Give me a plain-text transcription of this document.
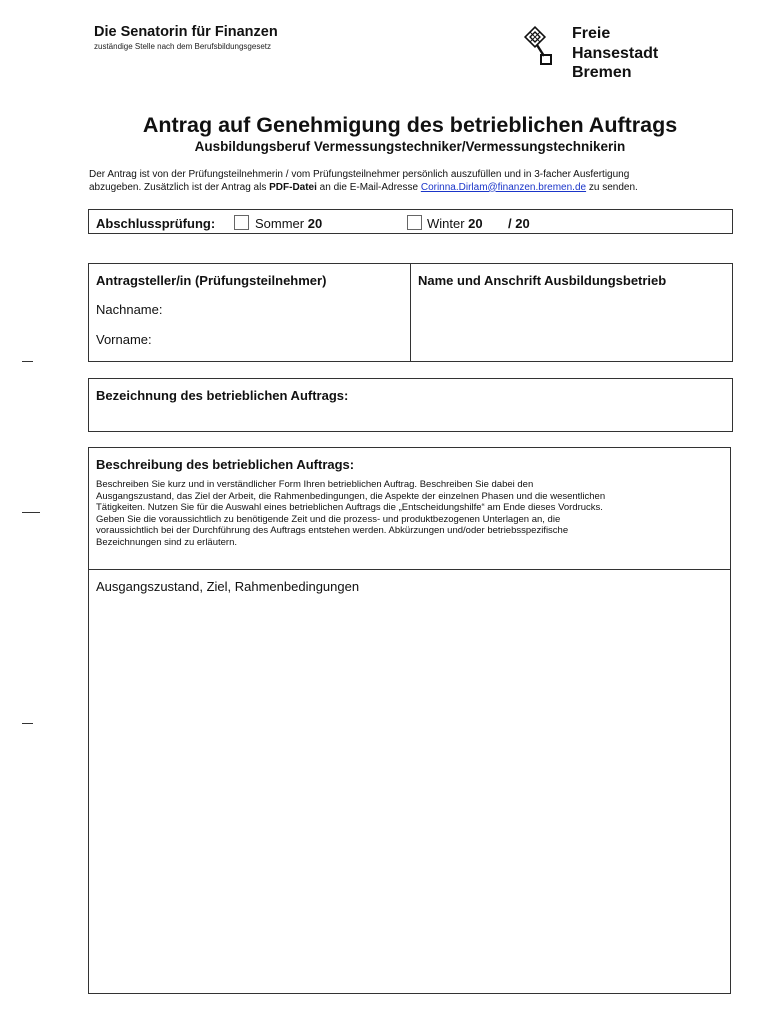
Die Senatorin für Finanzen
zuständige Stelle nach dem Berufsbildungsgesetz
Freie
Hansestadt
Bremen
Antrag auf Genehmigung des betrieblichen Auftrags
Ausbildungsberuf Vermessungstechniker/Vermessungstechnikerin
Der Antrag ist von der Prüfungsteilnehmerin / vom Prüfungsteilnehmer persönlich auszufüllen und in 3-facher Ausfertigung
abzugeben. Zusätzlich ist der Antrag als PDF-Datei an die E-Mail-Adresse Corinna.Dirlam@finanzen.bremen.de zu senden.
Abschlussprüfung:	Sommer 20	Winter 20 / 20
Antragsteller/in (Prüfungsteilnehmer)
Nachname:
Vorname:
Name und Anschrift Ausbildungsbetrieb
Bezeichnung des betrieblichen Auftrags:
Beschreibung des betrieblichen Auftrags:
Beschreiben Sie kurz und in verständlicher Form Ihren betrieblichen Auftrag. Beschreiben Sie dabei den
Ausgangszustand, das Ziel der Arbeit, die Rahmenbedingungen, die Aspekte der einzelnen Phasen und die wesentlichen
Tätigkeiten. Nutzen Sie für die Auswahl eines betrieblichen Auftrags die „Entscheidungshilfe“ am Ende dieses Vordrucks.
Geben Sie die voraussichtlich zu benötigende Zeit und die prozess- und produktbezogenen Unterlagen an, die
voraussichtlich bei der Durchführung des Auftrags entstehen werden. Abkürzungen und/oder betriebsspezifische
Bezeichnungen sind zu erläutern.
Ausgangszustand, Ziel, Rahmenbedingungen
